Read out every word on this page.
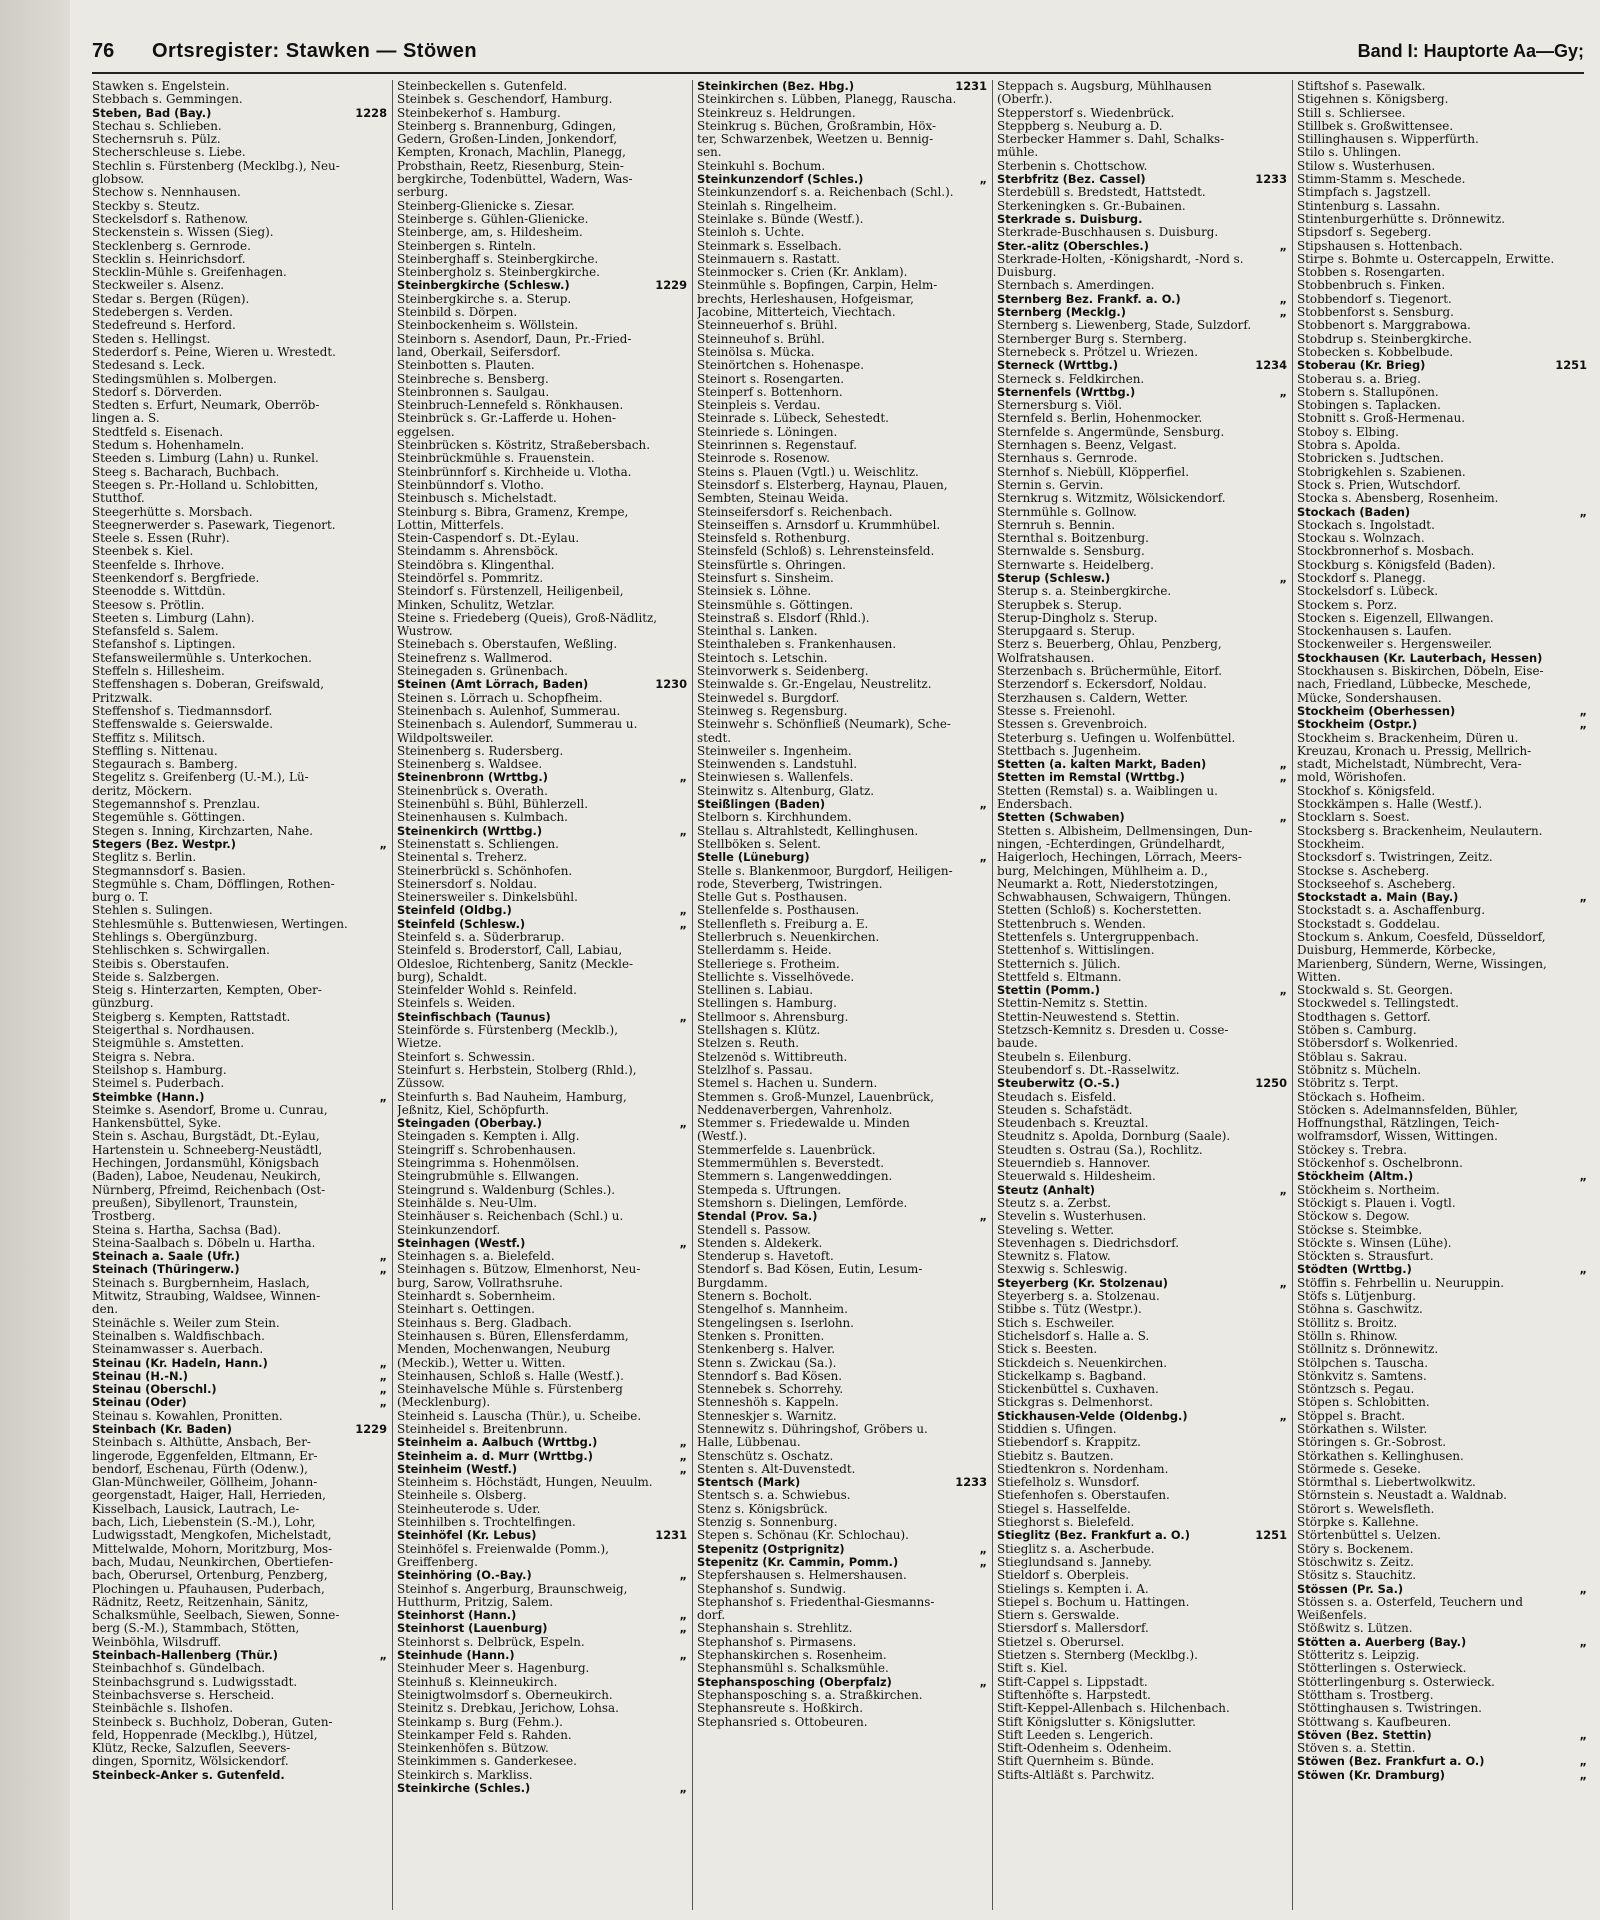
76	Ortsregister: Stawken — Stöwen	Band I: Hauptorte Aa—Gy;

Stawken s. Engelstein.

Stebbach s. Gemmingen.

1228
Steben, Bad (Bay.)

Stechau s. Schlieben.

Stechernsruh s. Pülz.

Stecherschleuse s. Liebe.

Stechlin s. Fürstenberg (Mecklbg.), Neu-

globsow.

Stechow s. Nennhausen.

Steckby s. Steutz.

Steckelsdorf s. Rathenow.

Steckenstein s. Wissen (Sieg).

Stecklenberg s. Gernrode.

Stecklin s. Heinrichsdorf.

Stecklin-Mühle s. Greifenhagen.

Steckweiler s. Alsenz.

Stedar s. Bergen (Rügen).

Stedebergen s. Verden.

Stedefreund s. Herford.

Steden s. Hellingst.

Stederdorf s. Peine, Wieren u. Wrestedt.

Stedesand s. Leck.

Stedingsmühlen s. Molbergen.

Stedorf s. Dörverden.

Stedten s. Erfurt, Neumark, Oberröb-

lingen a. S.

Stedtfeld s. Eisenach.

Stedum s. Hohenhameln.

Steeden s. Limburg (Lahn) u. Runkel.

Steeg s. Bacharach, Buchbach.

Steegen s. Pr.-Holland u. Schlobitten,

Stutthof.

Steegerhütte s. Morsbach.

Steegnerwerder s. Pasewark, Tiegenort.

Steele s. Essen (Ruhr).

Steenbek s. Kiel.

Steenfelde s. Ihrhove.

Steenkendorf s. Bergfriede.

Steenodde s. Wittdün.

Steesow s. Prötlin.

Steeten s. Limburg (Lahn).

Stefansfeld s. Salem.

Stefanshof s. Liptingen.

Stefansweilermühle s. Unterkochen.

Steffeln s. Hillesheim.

Steffenshagen s. Doberan, Greifswald,

Pritzwalk.

Steffenshof s. Tiedmannsdorf.

Steffenswalde s. Geierswalde.

Steffitz s. Militsch.

Steffling s. Nittenau.

Stegaurach s. Bamberg.

Stegelitz s. Greifenberg (U.-M.), Lü-

deritz, Möckern.

Stegemannshof s. Prenzlau.

Stegemühle s. Göttingen.

Stegen s. Inning, Kirchzarten, Nahe.

„
Stegers (Bez. Westpr.)

Steglitz s. Berlin.

Stegmannsdorf s. Basien.

Stegmühle s. Cham, Döfflingen, Rothen-

burg o. T.

Stehlen s. Sulingen.

Stehlesmühle s. Buttenwiesen, Wertingen.

Stehlings s. Obergünzburg.

Stehlischken s. Schwirgallen.

Steibis s. Oberstaufen.

Steide s. Salzbergen.

Steig s. Hinterzarten, Kempten, Ober-

günzburg.

Steigberg s. Kempten, Rattstadt.

Steigerthal s. Nordhausen.

Steigmühle s. Amstetten.

Steigra s. Nebra.

Steilshop s. Hamburg.

Steimel s. Puderbach.

„
Steimbke (Hann.)

Steimke s. Asendorf, Brome u. Cunrau,

Hankensbüttel, Syke.

Stein s. Aschau, Burgstädt, Dt.-Eylau,

Hartenstein u. Schneeberg-Neustädtl,

Hechingen, Jordansmühl, Königsbach

(Baden), Laboe, Neudenau, Neukirch,

Nürnberg, Pfreimd, Reichenbach (Ost-

preußen), Sibyllenort, Traunstein,

Trostberg.

Steina s. Hartha, Sachsa (Bad).

Steina-Saalbach s. Döbeln u. Hartha.

„
Steinach a. Saale (Ufr.)

„
Steinach (Thüringerw.)

Steinach s. Burgbernheim, Haslach,

Mitwitz, Straubing, Waldsee, Winnen-

den.

Steinächle s. Weiler zum Stein.

Steinalben s. Waldfischbach.

Steinamwasser s. Auerbach.

„
Steinau (Kr. Hadeln, Hann.)

„
Steinau (H.-N.)

„
Steinau (Oberschl.)

„
Steinau (Oder)

Steinau s. Kowahlen, Pronitten.

1229
Steinbach (Kr. Baden)

Steinbach s. Althütte, Ansbach, Ber-

lingerode, Eggenfelden, Eltmann, Er-

bendorf, Eschenau, Fürth (Odenw.),

Glan-Münchweiler, Göllheim, Johann-

georgenstadt, Haiger, Hall, Herrieden,

Kisselbach, Lausick, Lautrach, Le-

bach, Lich, Liebenstein (S.-M.), Lohr,

Ludwigsstadt, Mengkofen, Michelstadt,

Mittelwalde, Mohorn, Moritzburg, Mos-

bach, Mudau, Neunkirchen, Obertiefen-

bach, Oberursel, Ortenburg, Penzberg,

Plochingen u. Pfauhausen, Puderbach,

Rädnitz, Reetz, Reitzenhain, Sänitz,

Schalksmühle, Seelbach, Siewen, Sonne-

berg (S.-M.), Stammbach, Stötten,

Weinböhla, Wilsdruff.

„
Steinbach-Hallenberg (Thür.)

Steinbachhof s. Gündelbach.

Steinbachsgrund s. Ludwigsstadt.

Steinbachsverse s. Herscheid.

Steinbächle s. Ilshofen.

Steinbeck s. Buchholz, Doberan, Guten-

feld, Hoppenrade (Mecklbg.), Hützel,

Klütz, Recke, Salzuflen, Seevers-

dingen, Spornitz, Wölsickendorf.

Steinbeck-Anker s. Gutenfeld.

Steinbeckellen s. Gutenfeld.

Steinbek s. Geschendorf, Hamburg.

Steinbekerhof s. Hamburg.

Steinberg s. Brannenburg, Gdingen,

Gedern, Großen-Linden, Jonkendorf,

Kempten, Kronach, Machlin, Planegg,

Probsthain, Reetz, Riesenburg, Stein-

bergkirche, Todenbüttel, Wadern, Was-

serburg.

Steinberg-Glienicke s. Ziesar.

Steinberge s. Gühlen-Glienicke.

Steinberge, am, s. Hildesheim.

Steinbergen s. Rinteln.

Steinberghaff s. Steinbergkirche.

Steinbergholz s. Steinbergkirche.

1229
Steinbergkirche (Schlesw.)

Steinbergkirche s. a. Sterup.

Steinbild s. Dörpen.

Steinbockenheim s. Wöllstein.

Steinborn s. Asendorf, Daun, Pr.-Fried-

land, Oberkail, Seifersdorf.

Steinbotten s. Plauten.

Steinbreche s. Bensberg.

Steinbronnen s. Saulgau.

Steinbruch-Lennefeld s. Rönkhausen.

Steinbrück s. Gr.-Lafferde u. Hohen-

eggelsen.

Steinbrücken s. Köstritz, Straßebersbach.

Steinbrückmühle s. Frauenstein.

Steinbrünnforf s. Kirchheide u. Vlotha.

Steinbünndorf s. Vlotho.

Steinbusch s. Michelstadt.

Steinburg s. Bibra, Gramenz, Krempe,

Lottin, Mitterfels.

Stein-Caspendorf s. Dt.-Eylau.

Steindamm s. Ahrensböck.

Steindöbra s. Klingenthal.

Steindörfel s. Pommritz.

Steindorf s. Fürstenzell, Heiligenbeil,

Minken, Schulitz, Wetzlar.

Steine s. Friedeberg (Queis), Groß-Nädlitz,

Wustrow.

Steinebach s. Oberstaufen, Weßling.

Steinefrenz s. Wallmerod.

Steinegaden s. Grünenbach.

1230
Steinen (Amt Lörrach, Baden)

Steinen s. Lörrach u. Schopfheim.

Steinenbach s. Aulenhof, Summerau.

Steinenbach s. Aulendorf, Summerau u.

Wildpoltsweiler.

Steinenberg s. Rudersberg.

Steinenberg s. Waldsee.

„
Steinenbronn (Wrttbg.)

Steinenbrück s. Overath.

Steinenbühl s. Bühl, Bühlerzell.

Steinenhausen s. Kulmbach.

„
Steinenkirch (Wrttbg.)

Steinenstatt s. Schliengen.

Steinental s. Treherz.

Steinerbrückl s. Schönhofen.

Steinersdorf s. Noldau.

Steinersweiler s. Dinkelsbühl.

„
Steinfeld (Oldbg.)

„
Steinfeld (Schlesw.)

Steinfeld s. a. Süderbrarup.

Steinfeld s. Broderstorf, Call, Labiau,

Oldesloe, Richtenberg, Sanitz (Meckle-

burg), Schaldt.

Steinfelder Wohld s. Reinfeld.

Steinfels s. Weiden.

„
Steinfischbach (Taunus)

Steinförde s. Fürstenberg (Mecklb.),

Wietze.

Steinfort s. Schwessin.

Steinfurt s. Herbstein, Stolberg (Rhld.),

Züssow.

Steinfurth s. Bad Nauheim, Hamburg,

Jeßnitz, Kiel, Schöpfurth.

„
Steingaden (Oberbay.)

Steingaden s. Kempten i. Allg.

Steingriff s. Schrobenhausen.

Steingrimma s. Hohenmölsen.

Steingrubmühle s. Ellwangen.

Steingrund s. Waldenburg (Schles.).

Steinhälde s. Neu-Ulm.

Steinhäuser s. Reichenbach (Schl.) u.

Steinkunzendorf.

„
Steinhagen (Westf.)

Steinhagen s. a. Bielefeld.

Steinhagen s. Bützow, Elmenhorst, Neu-

burg, Sarow, Vollrathsruhe.

Steinhardt s. Sobernheim.

Steinhart s. Oettingen.

Steinhaus s. Berg. Gladbach.

Steinhausen s. Büren, Ellensferdamm,

Menden, Mochenwangen, Neuburg

(Meckib.), Wetter u. Witten.

Steinhausen, Schloß s. Halle (Westf.).

Steinhavelsche Mühle s. Fürstenberg

(Mecklenburg).

Steinheid s. Lauscha (Thür.), u. Scheibe.

Steinheidel s. Breitenbrunn.

„
Steinheim a. Aalbuch (Wrttbg.)

„
Steinheim a. d. Murr (Wrttbg.)

„
Steinheim (Westf.)

Steinheim s. Höchstädt, Hungen, Neuulm.

Steinheile s. Olsberg.

Steinheuterode s. Uder.

Steinhilben s. Trochtelfingen.

1231
Steinhöfel (Kr. Lebus)

Steinhöfel s. Freienwalde (Pomm.),

Greiffenberg.

„
Steinhöring (O.-Bay.)

Steinhof s. Angerburg, Braunschweig,

Hutthurm, Pritzig, Salem.

„
Steinhorst (Hann.)

„
Steinhorst (Lauenburg)

Steinhorst s. Delbrück, Espeln.

„
Steinhude (Hann.)

Steinhuder Meer s. Hagenburg.

Steinhuß s. Kleinneukirch.

Steinigtwolmsdorf s. Oberneukirch.

Steinitz s. Drebkau, Jerichow, Lohsa.

Steinkamp s. Burg (Fehm.).

Steinkamper Feld s. Rahden.

Steinkenhöfen s. Bützow.

Steinkimmen s. Ganderkesee.

Steinkirch s. Markliss.

„
Steinkirche (Schles.)

1231
Steinkirchen (Bez. Hbg.)

Steinkirchen s. Lübben, Planegg, Rauscha.

Steinkreuz s. Heldrungen.

Steinkrug s. Büchen, Großrambin, Höx-

ter, Schwarzenbek, Weetzen u. Bennig-

sen.

Steinkuhl s. Bochum.

„
Steinkunzendorf (Schles.)

Steinkunzendorf s. a. Reichenbach (Schl.).

Steinlah s. Ringelheim.

Steinlake s. Bünde (Westf.).

Steinloh s. Uchte.

Steinmark s. Esselbach.

Steinmauern s. Rastatt.

Steinmocker s. Crien (Kr. Anklam).

Steinmühle s. Bopfingen, Carpin, Helm-

brechts, Herleshausen, Hofgeismar,

Jacobine, Mitterteich, Viechtach.

Steinneuerhof s. Brühl.

Steinneuhof s. Brühl.

Steinölsa s. Mücka.

Steinörtchen s. Hohenaspe.

Steinort s. Rosengarten.

Steinperf s. Bottenhorn.

Steinpleis s. Verdau.

Steinrade s. Lübeck, Sehestedt.

Steinriede s. Löningen.

Steinrinnen s. Regenstauf.

Steinrode s. Rosenow.

Steins s. Plauen (Vgtl.) u. Weischlitz.

Steinsdorf s. Elsterberg, Haynau, Plauen,

Sembten, Steinau Weida.

Steinseifersdorf s. Reichenbach.

Steinseiffen s. Arnsdorf u. Krummhübel.

Steinsfeld s. Rothenburg.

Steinsfeld (Schloß) s. Lehrensteinsfeld.

Steinsfürtle s. Öhringen.

Steinsfurt s. Sinsheim.

Steinsiek s. Löhne.

Steinsmühle s. Göttingen.

Steinstraß s. Elsdorf (Rhld.).

Steinthal s. Lanken.

Steinthaleben s. Frankenhausen.

Steintoch s. Letschin.

Steinvorwerk s. Seidenberg.

Steinwalde s. Gr.-Engelau, Neustrelitz.

Steinwedel s. Burgdorf.

Steinweg s. Regensburg.

Steinwehr s. Schönfließ (Neumark), Sche-

stedt.

Steinweiler s. Ingenheim.

Steinwenden s. Landstuhl.

Steinwiesen s. Wallenfels.

Steinwitz s. Altenburg, Glatz.

„
Steißlingen (Baden)

Stelborn s. Kirchhundem.

Stellau s. Altrahlstedt, Kellinghusen.

Stellböken s. Selent.

„
Stelle (Lüneburg)

Stelle s. Blankenmoor, Burgdorf, Heiligen-

rode, Steverberg, Twistringen.

Stelle Gut s. Posthausen.

Stellenfelde s. Posthausen.

Stellenfleth s. Freiburg a. E.

Stellerbruch s. Neuenkirchen.

Stellerdamm s. Heide.

Stelleriege s. Frotheim.

Stellichte s. Visselhövede.

Stellinen s. Labiau.

Stellingen s. Hamburg.

Stellmoor s. Ahrensburg.

Stellshagen s. Klütz.

Stelzen s. Reuth.

Stelzenöd s. Wittibreuth.

Stelzlhof s. Passau.

Stemel s. Hachen u. Sundern.

Stemmen s. Groß-Munzel, Lauenbrück,

Neddenaverbergen, Vahrenholz.

Stemmer s. Friedewalde u. Minden

(Westf.).

Stemmerfelde s. Lauenbrück.

Stemmermühlen s. Beverstedt.

Stemmern s. Langenweddingen.

Stempeda s. Uftrungen.

Stemshorn s. Dielingen, Lemförde.

„
Stendal (Prov. Sa.)

Stendell s. Passow.

Stenden s. Aldekerk.

Stenderup s. Havetoft.

Stendorf s. Bad Kösen, Eutin, Lesum-

Burgdamm.

Stenern s. Bocholt.

Stengelhof s. Mannheim.

Stengelingsen s. Iserlohn.

Stenken s. Pronitten.

Stenkenberg s. Halver.

Stenn s. Zwickau (Sa.).

Stenndorf s. Bad Kösen.

Stennebek s. Schorrehy.

Stenneshöh s. Kappeln.

Stenneskjer s. Warnitz.

Stennewitz s. Dühringshof, Gröbers u.

Halle, Lübbenau.

Stenschütz s. Oschatz.

Stenten s. Alt-Duvenstedt.

1233
Stentsch (Mark)

Stentsch s. a. Schwiebus.

Stenz s. Königsbrück.

Stenzig s. Sonnenburg.

Stepen s. Schönau (Kr. Schlochau).

„
Stepenitz (Ostprignitz)

„
Stepenitz (Kr. Cammin, Pomm.)

Stepfershausen s. Helmershausen.

Stephanshof s. Sundwig.

Stephanshof s. Friedenthal-Giesmanns-

dorf.

Stephanshain s. Strehlitz.

Stephanshof s. Pirmasens.

Stephanskirchen s. Rosenheim.

Stephansmühl s. Schalksmühle.

„
Stephansposching (Oberpfalz)

Stephansposching s. a. Straßkirchen.

Stephansreute s. Hoßkirch.

Stephansried s. Ottobeuren.

Steppach s. Augsburg, Mühlhausen

(Oberfr.).

Stepperstorf s. Wiedenbrück.

Steppberg s. Neuburg a. D.

Sterbecker Hammer s. Dahl, Schalks-

mühle.

Sterbenin s. Chottschow.

1233
Sterbfritz (Bez. Cassel)

Sterdebüll s. Bredstedt, Hattstedt.

Sterkeningken s. Gr.-Bubainen.

Sterkrade s. Duisburg.

Sterkrade-Buschhausen s. Duisburg.

„
Ster.-alitz (Oberschles.)

Sterkrade-Holten, -Königshardt, -Nord s.

Duisburg.

Sternbach s. Amerdingen.

„
Sternberg Bez. Frankf. a. O.)

„
Sternberg (Mecklg.)

Sternberg s. Liewenberg, Stade, Sulzdorf.

Sternberger Burg s. Sternberg.

Sternebeck s. Prötzel u. Wriezen.

1234
Sterneck (Wrttbg.)

Sterneck s. Feldkirchen.

„
Sternenfels (Wrttbg.)

Sternersburg s. Viöl.

Sternfeld s. Berlin, Hohenmocker.

Sternfelde s. Angermünde, Sensburg.

Sternhagen s. Beenz, Velgast.

Sternhaus s. Gernrode.

Sternhof s. Niebüll, Klöpperfiel.

Sternin s. Gervin.

Sternkrug s. Witzmitz, Wölsickendorf.

Sternmühle s. Gollnow.

Sternruh s. Bennin.

Sternthal s. Boitzenburg.

Sternwalde s. Sensburg.

Sternwarte s. Heidelberg.

„
Sterup (Schlesw.)

Sterup s. a. Steinbergkirche.

Sterupbek s. Sterup.

Sterup-Dingholz s. Sterup.

Sterupgaard s. Sterup.

Sterz s. Beuerberg, Ohlau, Penzberg,

Wolfratshausen.

Sterzenbach s. Brüchermühle, Eitorf.

Sterzendorf s. Eckersdorf, Noldau.

Sterzhausen s. Caldern, Wetter.

Stesse s. Freienohl.

Stessen s. Grevenbroich.

Steterburg s. Uefingen u. Wolfenbüttel.

Stettbach s. Jugenheim.

„
Stetten (a. kalten Markt, Baden)

„
Stetten im Remstal (Wrttbg.)

Stetten (Remstal) s. a. Waiblingen u.

Endersbach.

„
Stetten (Schwaben)

Stetten s. Albisheim, Dellmensingen, Dun-

ningen, -Echterdingen, Gründelhardt,

Haigerloch, Hechingen, Lörrach, Meers-

burg, Melchingen, Mühlheim a. D.,

Neumarkt a. Rott, Niederstotzingen,

Schwabhausen, Schwaigern, Thüngen.

Stetten (Schloß) s. Kocherstetten.

Stettenbruch s. Wenden.

Stettenfels s. Untergruppenbach.

Stettenhof s. Wittislingen.

Stetternich s. Jülich.

Stettfeld s. Eltmann.

„
Stettin (Pomm.)

Stettin-Nemitz s. Stettin.

Stettin-Neuwestend s. Stettin.

Stetzsch-Kemnitz s. Dresden u. Cosse-

baude.

Steubeln s. Eilenburg.

Steubendorf s. Dt.-Rasselwitz.

1250
Steuberwitz (O.-S.)

Steudach s. Eisfeld.

Steuden s. Schafstädt.

Steudenbach s. Kreuztal.

Steudnitz s. Apolda, Dornburg (Saale).

Steudten s. Ostrau (Sa.), Rochlitz.

Steuerndieb s. Hannover.

Steuerwald s. Hildesheim.

„
Steutz (Anhalt)

Steutz s. a. Zerbst.

Stevelin s. Wusterhusen.

Steveling s. Wetter.

Stevenhagen s. Diedrichsdorf.

Stewnitz s. Flatow.

Stexwig s. Schleswig.

„
Steyerberg (Kr. Stolzenau)

Steyerberg s. a. Stolzenau.

Stibbe s. Tütz (Westpr.).

Stich s. Eschweiler.

Stichelsdorf s. Halle a. S.

Stick s. Beesten.

Stickdeich s. Neuenkirchen.

Stickelkamp s. Bagband.

Stickenbüttel s. Cuxhaven.

Stickgras s. Delmenhorst.

„
Stickhausen-Velde (Oldenbg.)

Stiddien s. Üfingen.

Stiebendorf s. Krappitz.

Stiebitz s. Bautzen.

Stiedtenkron s. Nordenham.

Stiefelholz s. Wunsdorf.

Stiefenhofen s. Oberstaufen.

Stiegel s. Hasselfelde.

Stieghorst s. Bielefeld.

1251
Stieglitz (Bez. Frankfurt a. O.)

Stieglitz s. a. Ascherbude.

Stieglundsand s. Janneby.

Stieldorf s. Oberpleis.

Stielings s. Kempten i. A.

Stiepel s. Bochum u. Hattingen.

Stiern s. Gerswalde.

Stiersdorf s. Mallersdorf.

Stietzel s. Oberursel.

Stietzen s. Sternberg (Mecklbg.).

Stift s. Kiel.

Stift-Cappel s. Lippstadt.

Stiftenhöfte s. Harpstedt.

Stift-Keppel-Allenbach s. Hilchenbach.

Stift Königslutter s. Königslutter.

Stift Leeden s. Lengerich.

Stift-Odenheim s. Odenheim.

Stift Quernheim s. Bünde.

Stifts-Altläßt s. Parchwitz.

Stiftshof s. Pasewalk.

Stigehnen s. Königsberg.

Still s. Schliersee.

Stillbek s. Großwittensee.

Stillinghausen s. Wipperfürth.

Stilo s. Uhlingen.

Stilow s. Wusterhusen.

Stimm-Stamm s. Meschede.

Stimpfach s. Jagstzell.

Stintenburg s. Lassahn.

Stintenburgerhütte s. Drönnewitz.

Stipsdorf s. Segeberg.

Stipshausen s. Hottenbach.

Stirpe s. Bohmte u. Ostercappeln, Erwitte.

Stobben s. Rosengarten.

Stobbenbruch s. Finken.

Stobbendorf s. Tiegenort.

Stobbenforst s. Sensburg.

Stobbenort s. Marggrabowa.

Stobdrup s. Steinbergkirche.

Stobecken s. Kobbelbude.

1251
Stoberau (Kr. Brieg)

Stoberau s. a. Brieg.

Stobern s. Stallupönen.

Stobingen s. Taplacken.

Stobnitt s. Groß-Hermenau.

Stoboy s. Elbing.

Stobra s. Apolda.

Stobricken s. Judtschen.

Stobrigkehlen s. Szabienen.

Stock s. Prien, Wutschdorf.

Stocka s. Abensberg, Rosenheim.

„
Stockach (Baden)

Stockach s. Ingolstadt.

Stockau s. Wolnzach.

Stockbronnerhof s. Mosbach.

Stockburg s. Königsfeld (Baden).

Stockdorf s. Planegg.

Stockelsdorf s. Lübeck.

Stockem s. Porz.

Stocken s. Eigenzell, Ellwangen.

Stockenhausen s. Laufen.

Stockenweiler s. Hergensweiler.

Stockhausen (Kr. Lauterbach, Hessen)

Stockhausen s. Biskirchen, Döbeln, Eise-

nach, Friedland, Lübbecke, Meschede,

Mücke, Sondershausen.

„
Stockheim (Oberhessen)

„
Stockheim (Ostpr.)

Stockheim s. Brackenheim, Düren u.

Kreuzau, Kronach u. Pressig, Mellrich-

stadt, Michelstadt, Nümbrecht, Vera-

mold, Wörishofen.

Stockhof s. Königsfeld.

Stockkämpen s. Halle (Westf.).

Stocklarn s. Soest.

Stocksberg s. Brackenheim, Neulautern.

Stockheim.

Stocksdorf s. Twistringen, Zeitz.

Stockse s. Ascheberg.

Stockseehof s. Ascheberg.

„
Stockstadt a. Main (Bay.)

Stockstadt s. a. Aschaffenburg.

Stockstadt s. Goddelau.

Stockum s. Ankum, Coesfeld, Düsseldorf,

Duisburg, Hemmerde, Körbecke,

Marienberg, Sündern, Werne, Wissingen,

Witten.

Stockwald s. St. Georgen.

Stockwedel s. Tellingstedt.

Stodthagen s. Gettorf.

Stöben s. Camburg.

Stöbersdorf s. Wolkenried.

Stöblau s. Sakrau.

Stöbnitz s. Mücheln.

Stöbritz s. Terpt.

Stöckach s. Hofheim.

Stöcken s. Adelmannsfelden, Bühler,

Hoffnungsthal, Rätzlingen, Teich-

wolframsdorf, Wissen, Wittingen.

Stöckey s. Trebra.

Stöckenhof s. Oschelbronn.

„
Stöckheim (Altm.)

Stöckheim s. Northeim.

Stöckigt s. Plauen i. Vogtl.

Stöckow s. Degow.

Stöckse s. Steimbke.

Stöckte s. Winsen (Lühe).

Stöckten s. Strausfurt.

„
Stödten (Wrttbg.)

Stöffin s. Fehrbellin u. Neuruppin.

Stöfs s. Lütjenburg.

Stöhna s. Gaschwitz.

Stöllitz s. Broitz.

Stölln s. Rhinow.

Stöllnitz s. Drönnewitz.

Stölpchen s. Tauscha.

Stönkvitz s. Samtens.

Stöntzsch s. Pegau.

Stöpen s. Schlobitten.

Stöppel s. Bracht.

Störkathen s. Wilster.

Störingen s. Gr.-Sobrost.

Störkathen s. Kellinghusen.

Störmede s. Geseke.

Störmthal s. Liebertwolkwitz.

Störnstein s. Neustadt a. Waldnab.

Störort s. Wewelsfleth.

Störpke s. Kallehne.

Störtenbüttel s. Uelzen.

Störy s. Bockenem.

Stöschwitz s. Zeitz.

Stösitz s. Stauchitz.

„
Stössen (Pr. Sa.)

Stössen s. a. Osterfeld, Teuchern und

Weißenfels.

Stößwitz s. Lützen.

„
Stötten a. Auerberg (Bay.)

Stötteritz s. Leipzig.

Stötterlingen s. Osterwieck.

Stötterlingenburg s. Osterwieck.

Stöttham s. Trostberg.

Stöttinghausen s. Twistringen.

Stöttwang s. Kaufbeuren.

„
Stöven (Bez. Stettin)

Stöven s. a. Stettin.

„
Stöwen (Bez. Frankfurt a. O.)

„
Stöwen (Kr. Dramburg)
